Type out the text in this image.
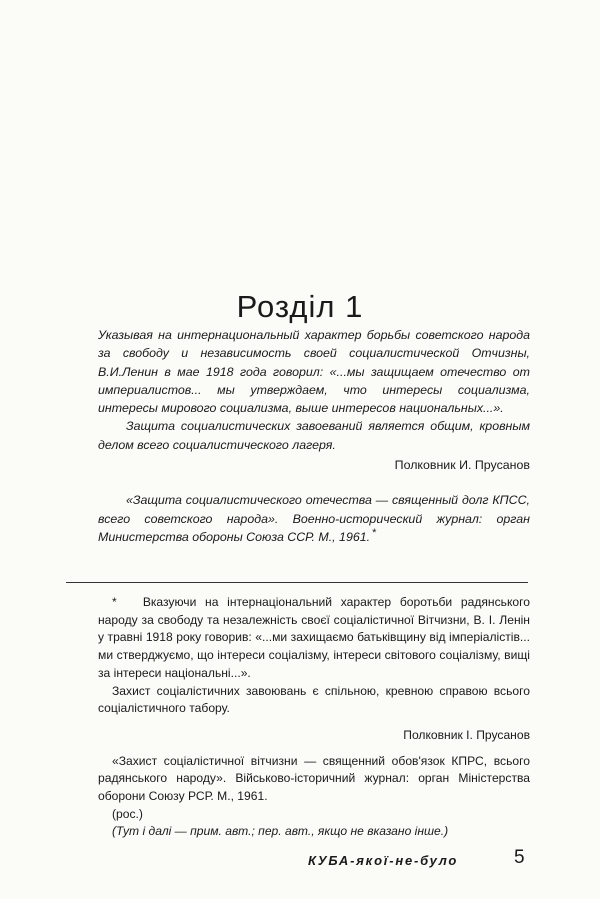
Розділ 1

Указывая на интернациональный характер борьбы советского народа за свободу и независимость своей социалистической Отчизны, В.И.Ленин в мае 1918 года говорил: «...мы защищаем отечество от империалистов... мы утверждаем, что интересы социализма, интересы мирового социализма, выше интересов национальных...».

Защита социалистических завоеваний является общим, кровным делом всего социалистического лагеря.

Полковник И. Прусанов

«Защита социалистического отечества — священный долг КПСС, всего советского народа». Военно-исторический журнал: орган Министерства обороны Союза ССР. М., 1961. *

* Вказуючи на інтернаціональний характер боротьби радянського народу за свободу та незалежність своєї соціалістичної Вітчизни, В. І. Ленін у травні 1918 року говорив: «...ми захищаємо батьківщину від імперіалістів... ми стверджуємо, що інтереси соціалізму, інтереси світового соціалізму, вищі за інтереси національні...».

Захист соціалістичних завоювань є спільною, кревною справою всього соціалістичного табору.

Полковник І. Прусанов

«Захист соціалістичної вітчизни — священний обов'язок КПРС, всього радянського народу». Військово-історичний журнал: орган Міністерства оборони Союзу РСР. М., 1961.

(рос.)

(Тут і далі — прим. авт.; пер. авт., якщо не вказано інше.)

КУБА-якої-не-було	5
